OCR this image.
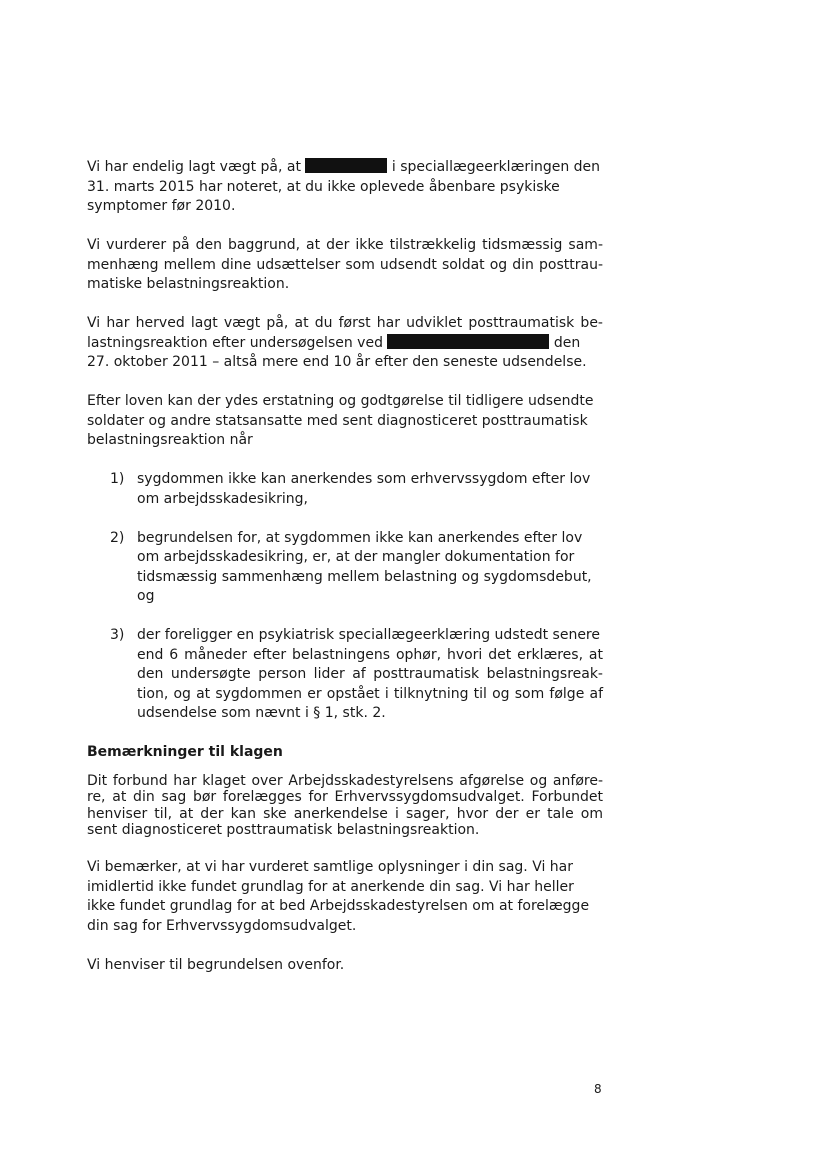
Vi har endelig lagt vægt på, at	i speciallægeerklæringen den
31. marts 2015 har noteret, at du ikke oplevede åbenbare psykiske
symptomer før 2010.

Vi vurderer på den baggrund, at der ikke tilstrækkelig tidsmæssig sam-
menhæng mellem dine udsættelser som udsendt soldat og din posttrau-
matiske belastningsreaktion.

Vi har herved lagt vægt på, at du først har udviklet posttraumatisk be-
lastningsreaktion efter undersøgelsen ved	den
27. oktober 2011 – altså mere end 10 år efter den seneste udsendelse.

Efter loven kan der ydes erstatning og godtgørelse til tidligere udsendte
soldater og andre statsansatte med sent diagnosticeret posttraumatisk
belastningsreaktion når

1) sygdommen ikke kan anerkendes som erhvervssygdom efter lov
om arbejdsskadesikring,
2) begrundelsen for, at sygdommen ikke kan anerkendes efter lov
om arbejdsskadesikring, er, at der mangler dokumentation for
tidsmæssig sammenhæng mellem belastning og sygdomsdebut,
og
3) der foreligger en psykiatrisk speciallægeerklæring udstedt senere
end 6 måneder efter belastningens ophør, hvori det erklæres, at
den undersøgte person lider af posttraumatisk belastningsreak-
tion, og at sygdommen er opstået i tilknytning til og som følge af
udsendelse som nævnt i § 1, stk. 2.
Bemærkninger til klagen

Dit forbund har klaget over Arbejdsskadestyrelsens afgørelse og anføre-
re, at din sag bør forelægges for Erhvervssygdomsudvalget. Forbundet
henviser til, at der kan ske anerkendelse i sager, hvor der er tale om
sent diagnosticeret posttraumatisk belastningsreaktion.

Vi bemærker, at vi har vurderet samtlige oplysninger i din sag. Vi har
imidlertid ikke fundet grundlag for at anerkende din sag. Vi har heller
ikke fundet grundlag for at bed Arbejdsskadestyrelsen om at forelægge
din sag for Erhvervssygdomsudvalget.

Vi henviser til begrundelsen ovenfor.

8
